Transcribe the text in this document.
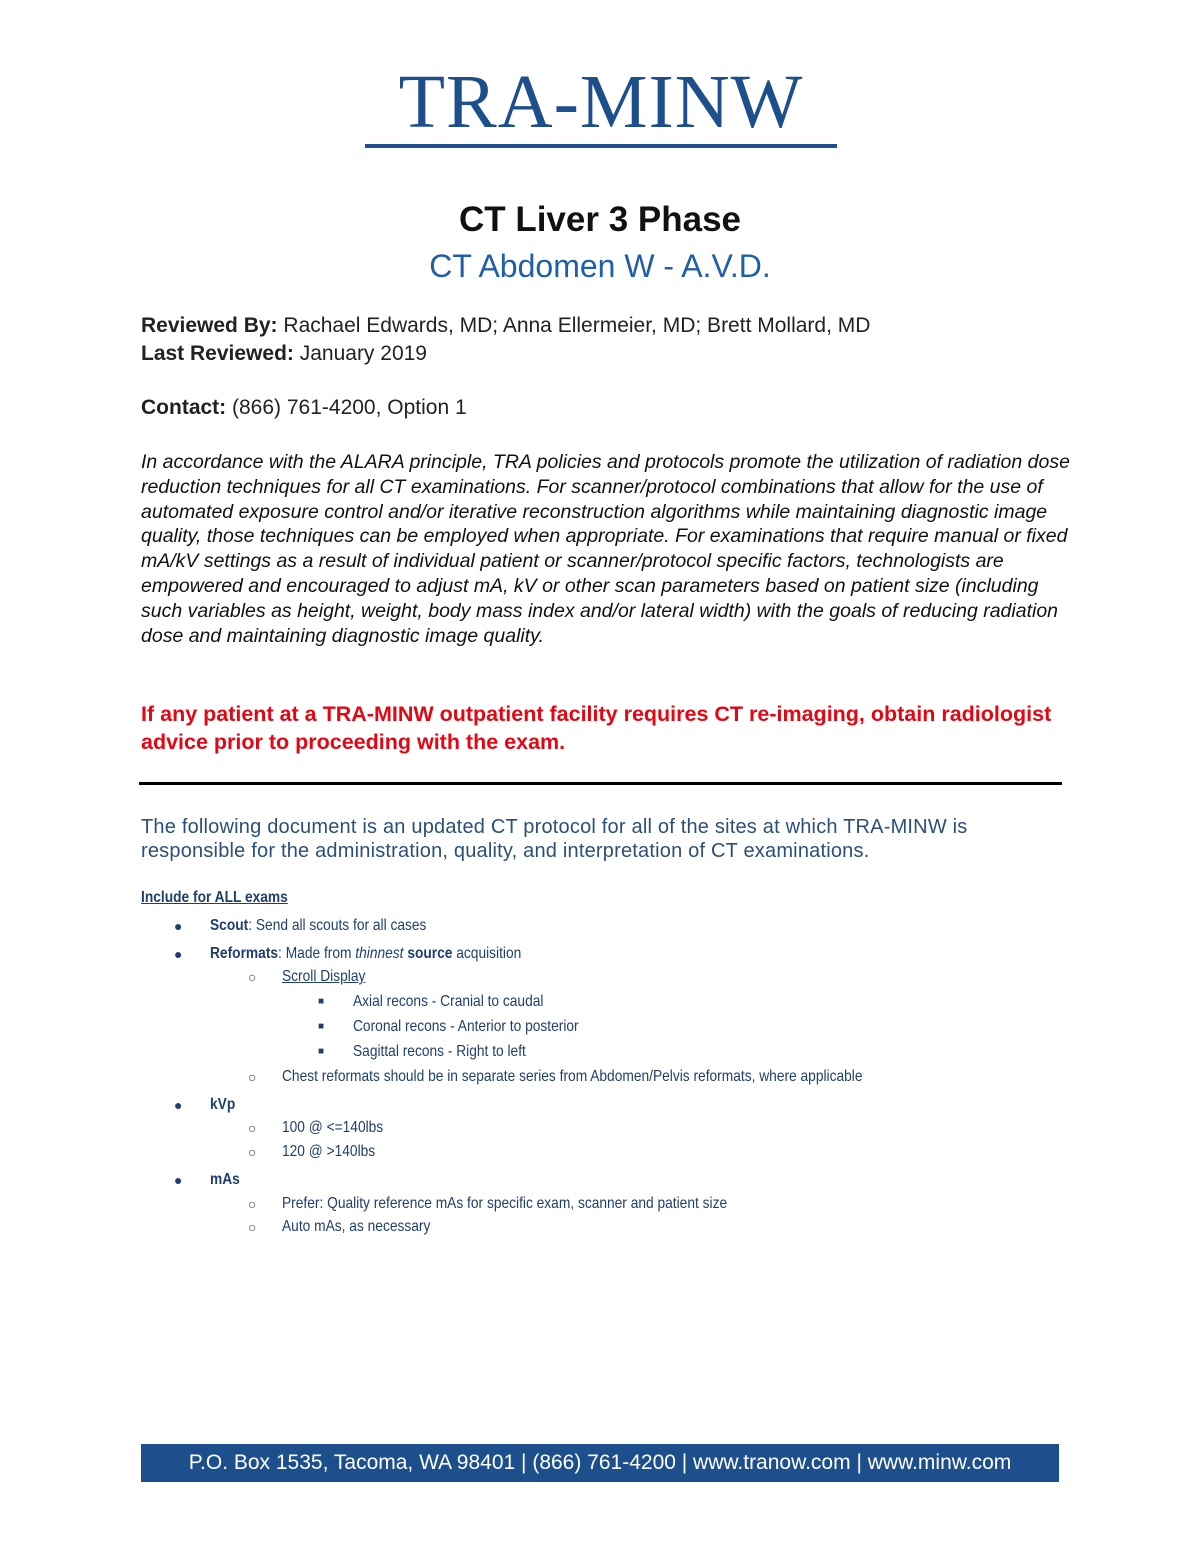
TRA-MINW
CT Liver 3 Phase
CT Abdomen W - A.V.D.
Reviewed By: Rachael Edwards, MD; Anna Ellermeier, MD; Brett Mollard, MD
Last Reviewed: January 2019
Contact: (866) 761-4200, Option 1
In accordance with the ALARA principle, TRA policies and protocols promote the utilization of radiation dose reduction techniques for all CT examinations. For scanner/protocol combinations that allow for the use of automated exposure control and/or iterative reconstruction algorithms while maintaining diagnostic image quality, those techniques can be employed when appropriate. For examinations that require manual or fixed mA/kV settings as a result of individual patient or scanner/protocol specific factors, technologists are empowered and encouraged to adjust mA, kV or other scan parameters based on patient size (including such variables as height, weight, body mass index and/or lateral width) with the goals of reducing radiation dose and maintaining diagnostic image quality.
If any patient at a TRA-MINW outpatient facility requires CT re-imaging, obtain radiologist advice prior to proceeding with the exam.
The following document is an updated CT protocol for all of the sites at which TRA-MINW is responsible for the administration, quality, and interpretation of CT examinations.
Include for ALL exams
● Scout: Send all scouts for all cases
● Reformats: Made from thinnest source acquisition
○ Scroll Display
■ Axial recons - Cranial to caudal
■ Coronal recons - Anterior to posterior
■ Sagittal recons - Right to left
○ Chest reformats should be in separate series from Abdomen/Pelvis reformats, where applicable
● kVp
○ 100 @ <=140lbs
○ 120 @ >140lbs
● mAs
○ Prefer: Quality reference mAs for specific exam, scanner and patient size
○ Auto mAs, as necessary
P.O. Box 1535, Tacoma, WA 98401 | (866) 761-4200 | www.tranow.com | www.minw.com
